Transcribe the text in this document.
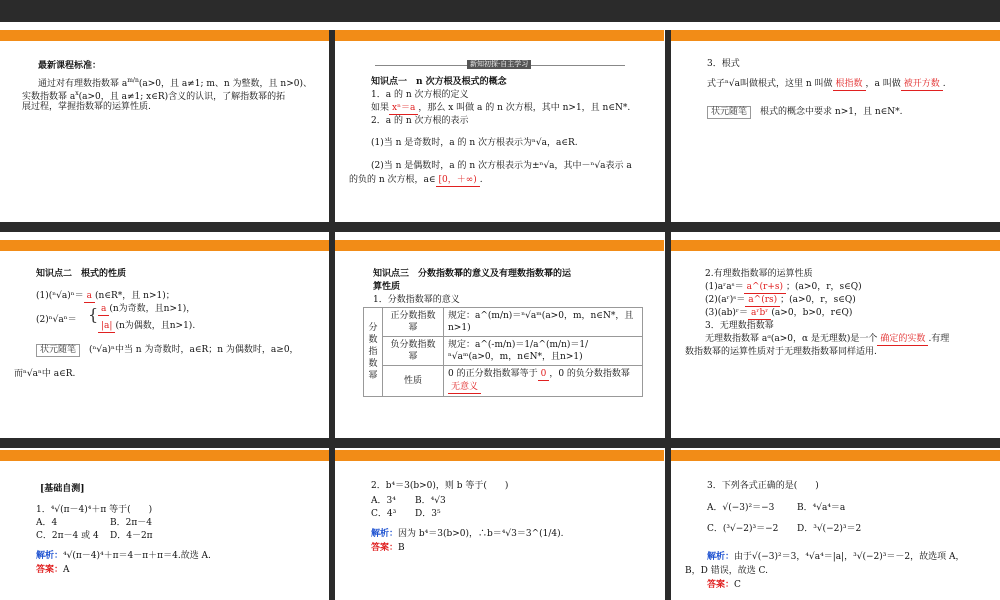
最新课程标准：
通过对有理数指数幂 $a^{m/n}(a>0$，且 a≠1; m、n 为整数，且 n>0)、
实数指数幂 $a^x(a>0$，且 a≠1; x∈R)含义的认识，了解指数幂的拓
展过程，掌握指数幂的运算性质.
新知初探·自主学习
知识点一　n 次方根及根式的概念
1．a 的 n 次方根的定义
如果 xⁿ＝a ，那么 x 叫做 a 的 n 次方根，其中 n>1，且 n∈N*.
2．a 的 n 次方根的表示
(1)当 n 是奇数时，a 的 n 次方根表示为ⁿ√a，a∈R.
(2)当 n 是偶数时，a 的 n 次方根表示为±ⁿ√a，其中－ⁿ√a表示 a
的负的 n 次方根，a∈ [0，＋∞) .
3．根式
式子ⁿ√a叫做根式，这里 n 叫做 根指数 ，a 叫做 被开方数 .
状元随笔　 根式的概念中要求 n>1，且 n∈N*.
知识点二　根式的性质
(1)(ⁿ√a)ⁿ＝ a (n∈R*，且 n>1)；
(2)ⁿ√aⁿ＝ { a (n为奇数，且n>1)，
|a| (n为偶数，且n>1).
状元随笔　 (ⁿ√a)ⁿ中当 n 为奇数时，a∈R；n 为偶数时，a≥0，
而ⁿ√aⁿ中 a∈R.
知识点三　分数指数幂的意义及有理数指数幂的运
算性质
1．分数指数幂的意义
分数指数幂	正分数指数幂	规定：a^(m/n)＝ⁿ√aᵐ(a>0，m，n∈N*，且 n>1)
	负分数指数幂	规定：a^(-m/n)＝1/a^(m/n)＝1/ⁿ√aᵐ(a>0，m，n∈N*，且n>1)
	性质	0 的正分数指数幂等于 0 ，0 的负分数指数幂无意义
2.有理数指数幂的运算性质
(1)aʳaˢ＝ a^(r+s) ；(a>0，r，s∈Q)
(2)(aʳ)ˢ＝ a^(rs) ；(a>0，r，s∈Q)
(3)(ab)ʳ＝ aʳbʳ (a>0，b>0，r∈Q)
3．无理数指数幂
无理数指数幂 aᵅ(a>0，α 是无理数)是一个 确定的实数 .有理
数指数幂的运算性质对于无理数指数幂同样适用.
[基础自测]
1．⁴√(π－4)⁴＋π 等于(　　)
A．4	B．2π－4
C．2π－4 或 4 D．4－2π
解析：⁴√(π－4)⁴＋π＝4－π＋π＝4.故选 A.
答案：A
2．b⁴＝3(b>0)，则 b 等于(　　)
A．3⁴ B．⁴√3
C．4³ D．3⁵
解析：因为 b⁴＝3(b>0)，∴b＝⁴√3＝3^(1/4).
答案：B
3．下列各式正确的是(　　)
A．√(−3)²＝−3	B．⁴√a⁴＝a
C．(³√−2)³＝−2 D．³√(−2)³＝2
解析：由于√(−3)²＝3，⁴√a⁴＝|a|，³√(−2)³＝－2，故选项 A，
B，D 错误，故选 C.
答案：C
